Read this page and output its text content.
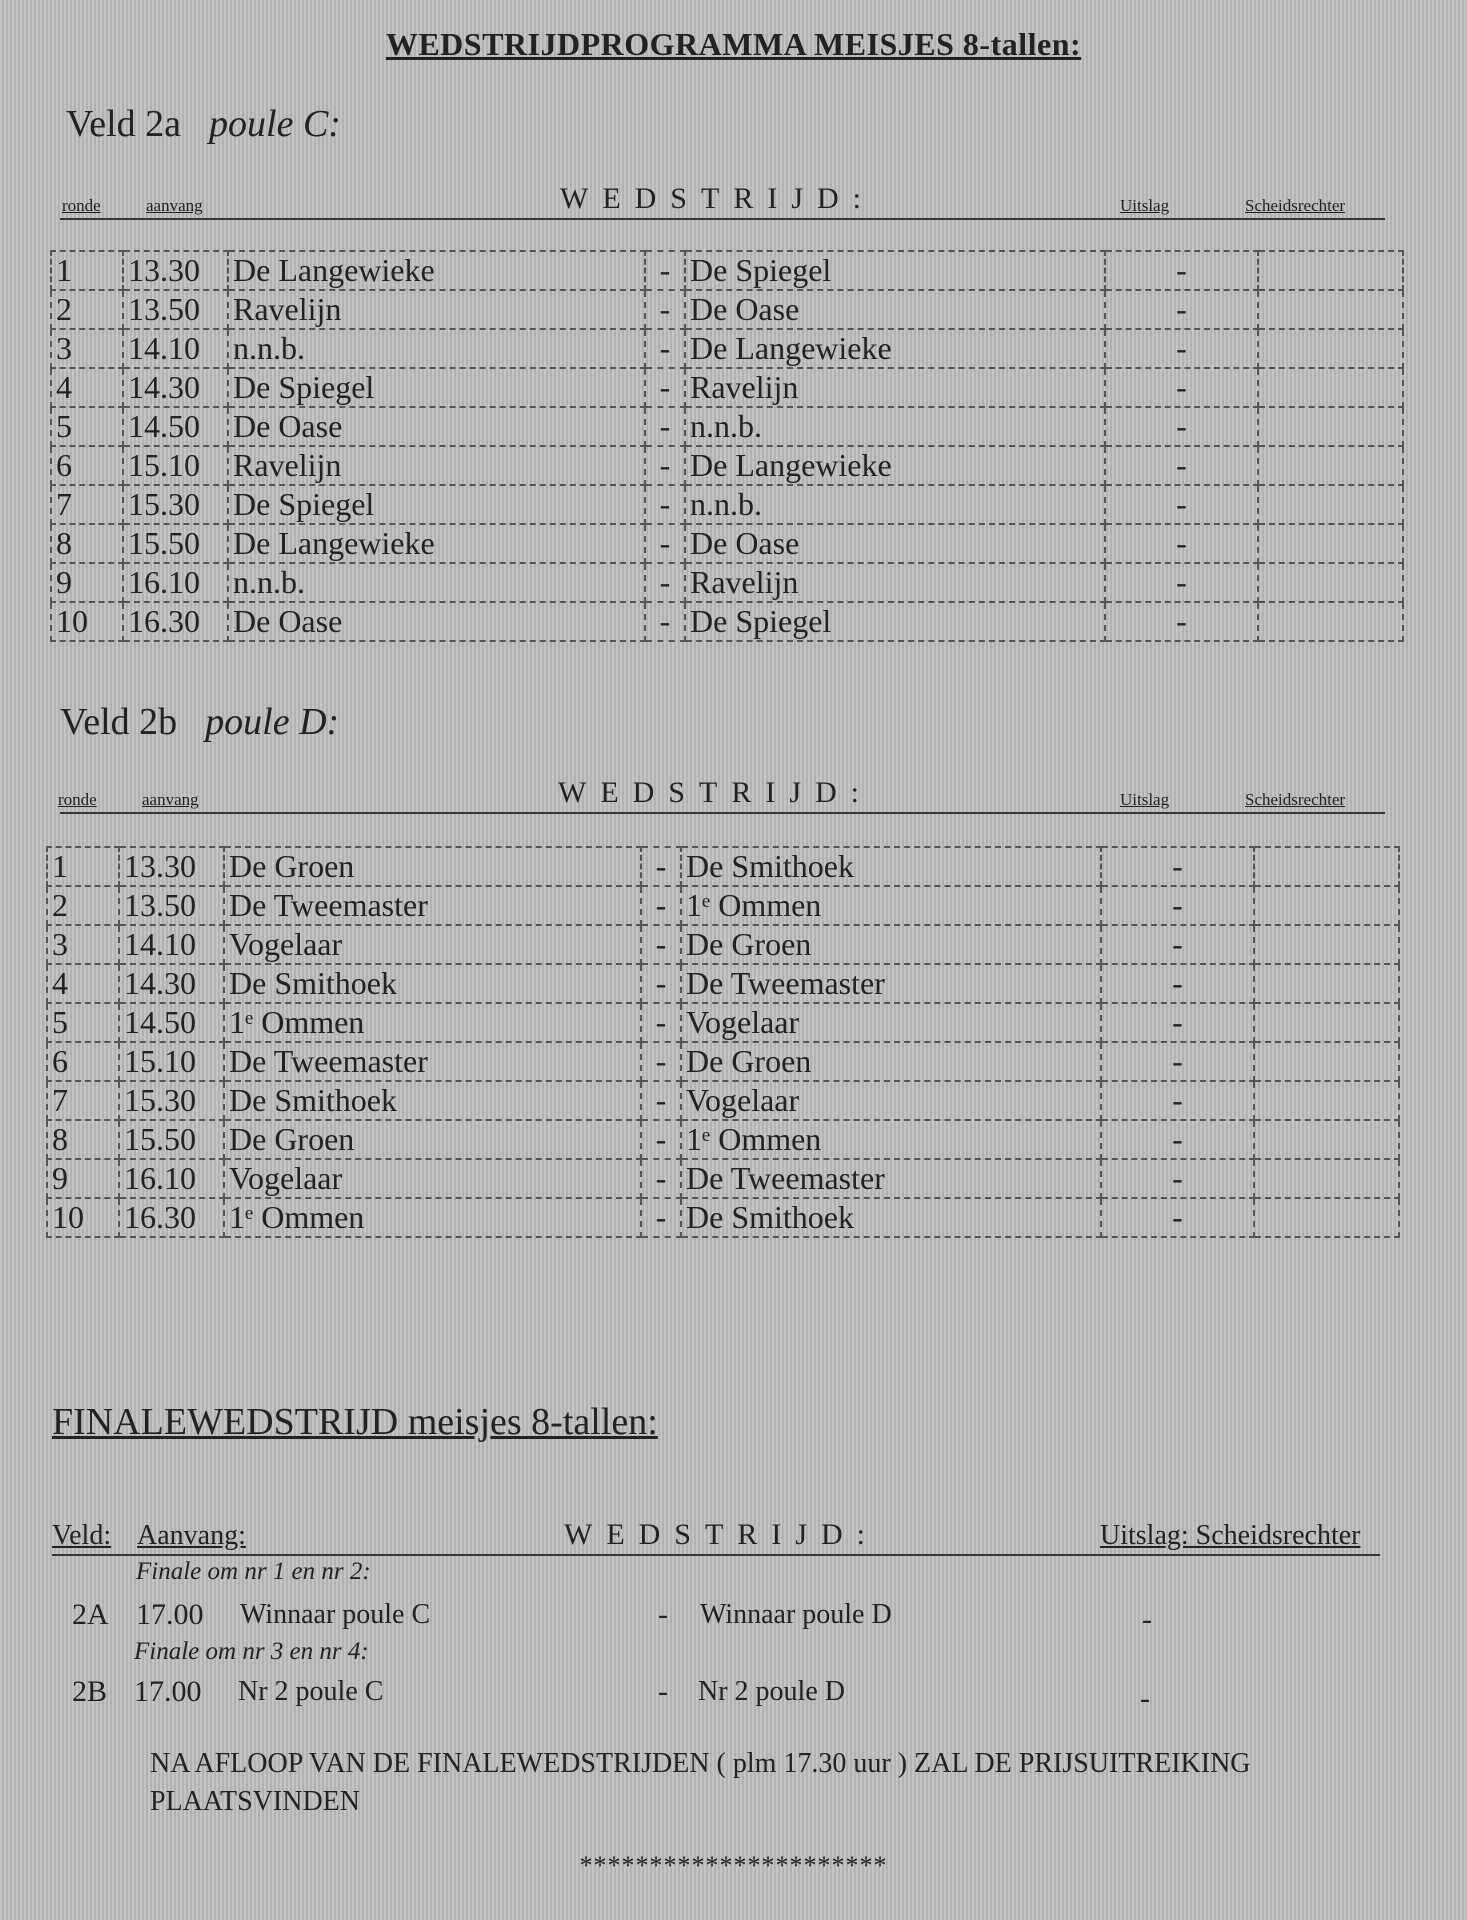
WEDSTRIJDPROGRAMMA MEISJES 8-tallen:
Veld 2a poule C:
ronde	aanvang	WEDSTRIJD:	Uitslag	Scheidsrechter
1	13.30	De Langewieke	-	De Spiegel	-	
2	13.50	Ravelijn	-	De Oase	-	
3	14.10	n.n.b.	-	De Langewieke	-	
4	14.30	De Spiegel	-	Ravelijn	-	
5	14.50	De Oase	-	n.n.b.	-	
6	15.10	Ravelijn	-	De Langewieke	-	
7	15.30	De Spiegel	-	n.n.b.	-	
8	15.50	De Langewieke	-	De Oase	-	
9	16.10	n.n.b.	-	Ravelijn	-	
10	16.30	De Oase	-	De Spiegel	-	
Veld 2b poule D:
ronde	aanvang	WEDSTRIJD:	Uitslag	Scheidsrechter
1	13.30	De Groen	-	De Smithoek	-	
2	13.50	De Tweemaster	-	1ᵉ Ommen	-	
3	14.10	Vogelaar	-	De Groen	-	
4	14.30	De Smithoek	-	De Tweemaster	-	
5	14.50	1ᵉ Ommen	-	Vogelaar	-	
6	15.10	De Tweemaster	-	De Groen	-	
7	15.30	De Smithoek	-	Vogelaar	-	
8	15.50	De Groen	-	1ᵉ Ommen	-	
9	16.10	Vogelaar	-	De Tweemaster	-	
10	16.30	1ᵉ Ommen	-	De Smithoek	-	
FINALEWEDSTRIJD meisjes 8-tallen:
Veld: Aanvang:	WEDSTRIJD:	Uitslag: Scheidsrechter
Finale om nr 1 en nr 2:
2A 17.00 Winnaar poule C	- Winnaar poule D	-
Finale om nr 3 en nr 4:
2B 17.00 Nr 2 poule C	- Nr 2 poule D	-
NA AFLOOP VAN DE FINALEWEDSTRIJDEN ( plm 17.30 uur ) ZAL DE PRIJSUITREIKING PLAATSVINDEN
**********************
